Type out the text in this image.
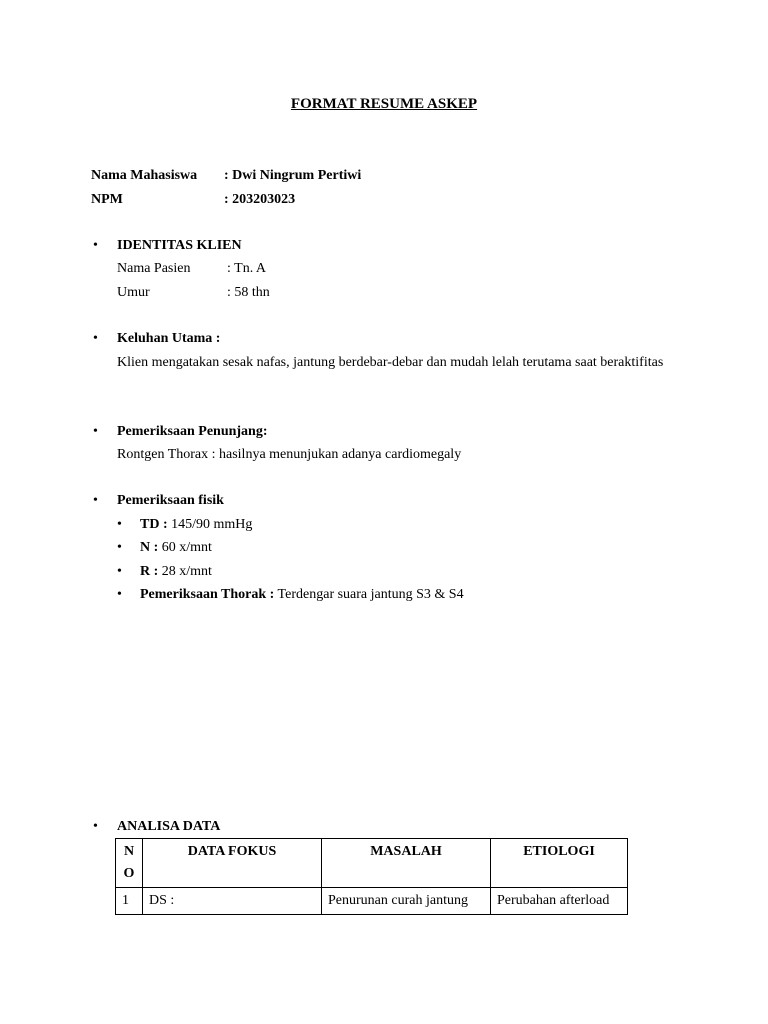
FORMAT RESUME ASKEP
Nama Mahasiswa : Dwi Ningrum Pertiwi
NPM	: 203203023
•	IDENTITAS KLIEN
Nama Pasien	: Tn. A
Umur	: 58 thn
•	Keluhan Utama :
Klien mengatakan sesak nafas, jantung berdebar-debar dan mudah lelah terutama saat beraktifitas
•	Pemeriksaan Penunjang:
Rontgen Thorax : hasilnya menunjukan adanya cardiomegaly
•	Pemeriksaan fisik
•	TD : 145/90 mmHg
•	N : 60 x/mnt
•	R : 28 x/mnt
•	Pemeriksaan Thorak : Terdengar suara jantung S3 & S4
•	ANALISA DATA
N
O	DATA FOKUS	MASALAH	ETIOLOGI
1	DS :	Penurunan curah jantung	Perubahan afterload
